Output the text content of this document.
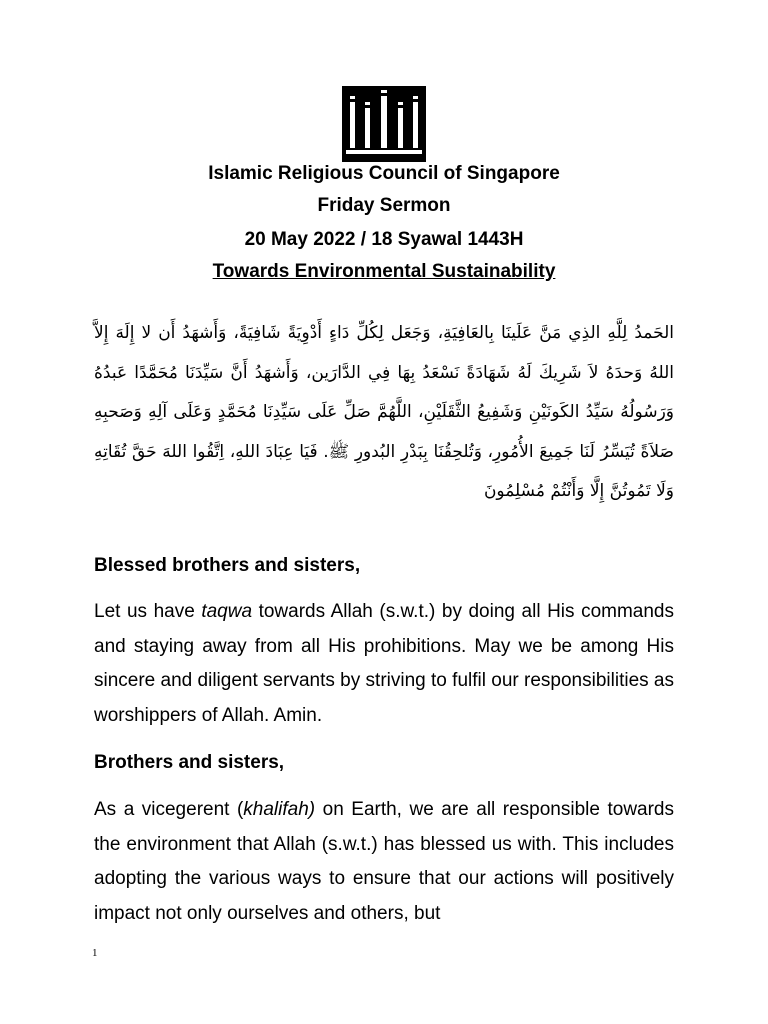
Islamic Religious Council of Singapore

Friday Sermon

20 May 2022 / 18 Syawal 1443H

Towards Environmental Sustainability

الحَمدُ لِلَّهِ الذِي مَنَّ عَلَينَا بِالعَافِيَةِ، وَجَعَل لِكُلِّ دَاءٍ أَدْوِيَةً شَافِيَةً، وَأَشهَدُ أَن لا إِلَهَ إِلاَّ اللهُ وَحدَهُ لاَ شَرِيكَ لَهُ شَهَادَةً نَسْعَدُ بِهَا فِي الدَّارَين، وَأَشهَدُ أَنَّ سَيِّدَنَا مُحَمَّدًا عَبدُهُ وَرَسُولُهُ سَيِّدُ الكَونَيْنِ وَشَفِيعُ الثَّقَلَيْنِ، اللَّهُمَّ صَلِّ عَلَى سَيِّدِنَا مُحَمَّدٍ وَعَلَى آلِهِ وَصَحبِهِ صَلاَةً تُيَسِّرُ لَنَا جَمِيعَ الأُمُورِ، وَتُلحِقُنَا بِبَدْرِ البُدورِ ﷺ. فَيَا عِبَادَ اللهِ، اِتَّقُوا اللهَ حَقَّ تُقَاتِهِ وَلَا تَمُوتُنَّ إِلَّا وَأَنْتُمْ مُسْلِمُونَ

Blessed brothers and sisters,

Let us have taqwa towards Allah (s.w.t.) by doing all His commands and staying away from all His prohibitions. May we be among His sincere and diligent servants by striving to fulfil our responsibilities as worshippers of Allah. Amin.

Brothers and sisters,

As a vicegerent (khalifah) on Earth, we are all responsible towards the environment that Allah (s.w.t.) has blessed us with. This includes adopting the various ways to ensure that our actions will positively impact not only ourselves and others, but

1
